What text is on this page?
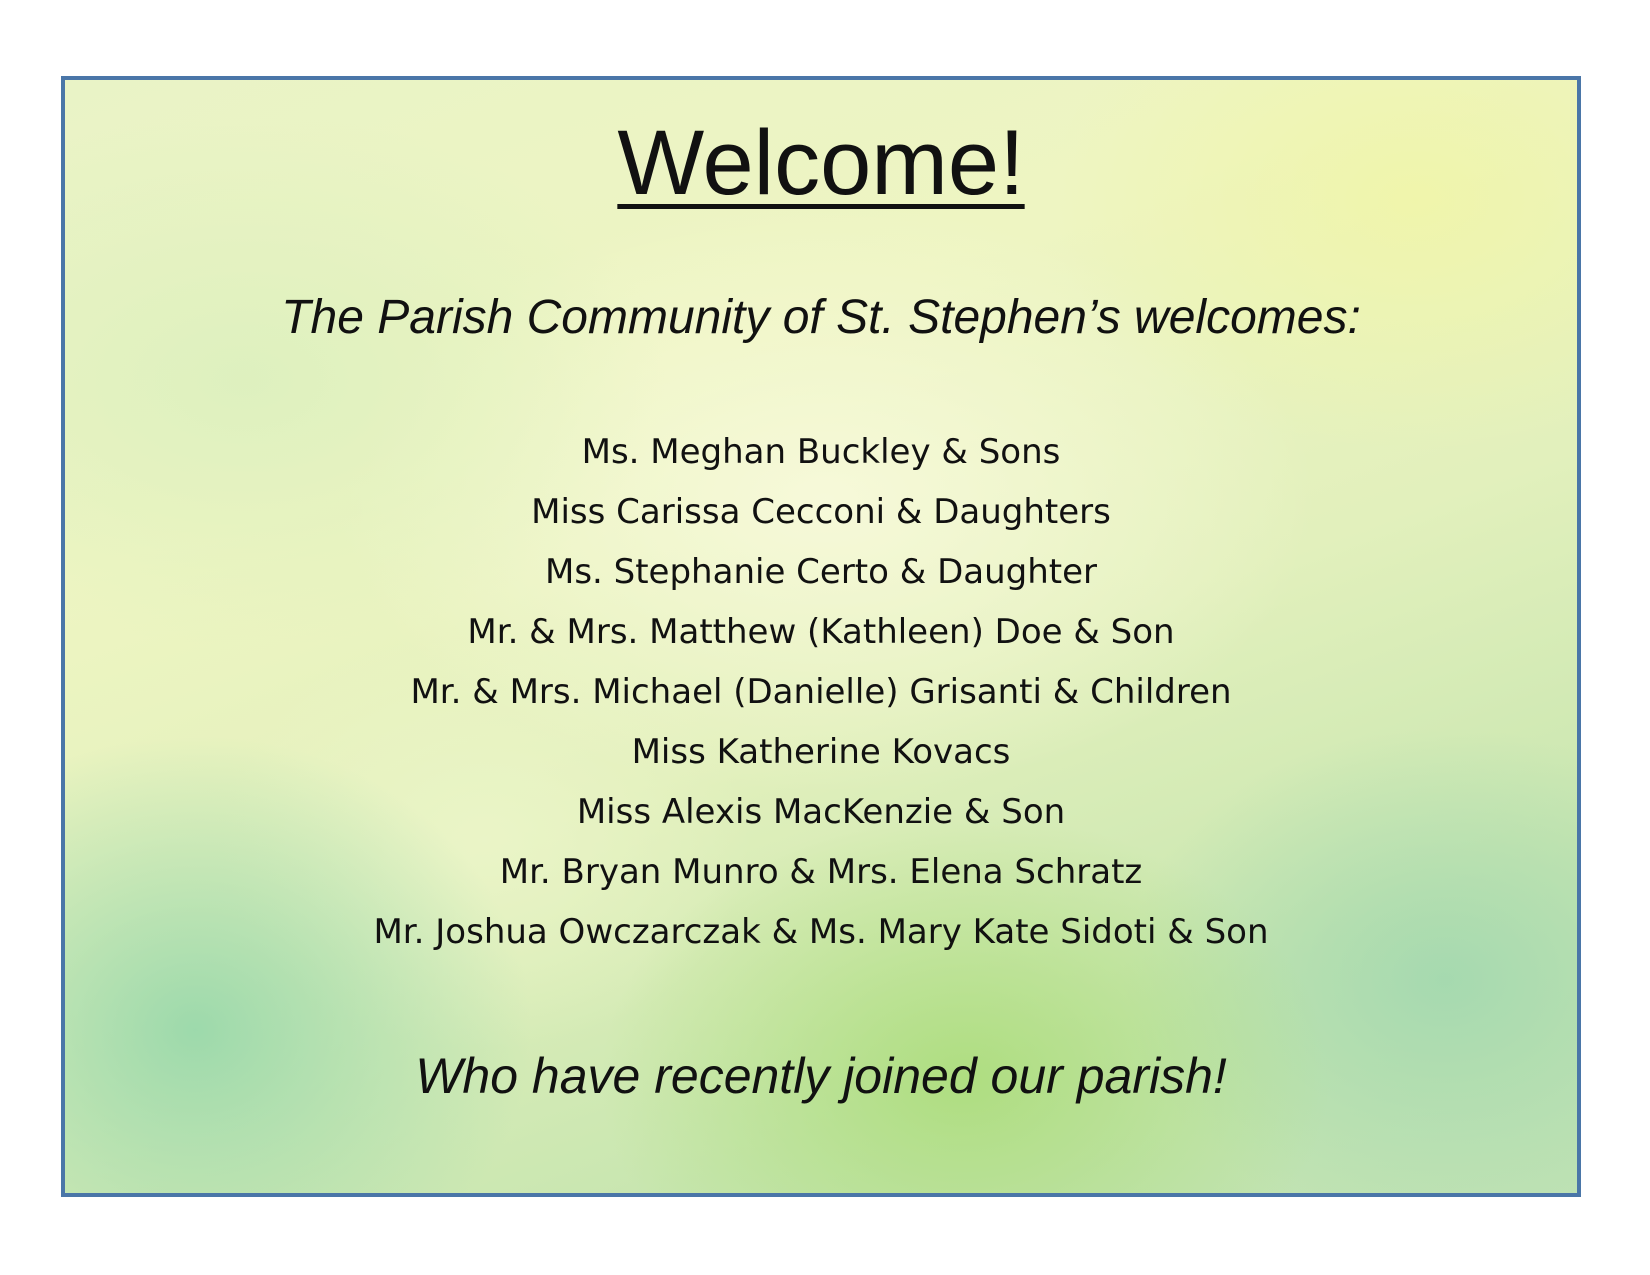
Welcome!

The Parish Community of St. Stephen’s welcomes:

Ms. Meghan Buckley & Sons
Miss Carissa Cecconi & Daughters
Ms. Stephanie Certo & Daughter
Mr. & Mrs. Matthew (Kathleen) Doe & Son
Mr. & Mrs. Michael (Danielle) Grisanti & Children
Miss Katherine Kovacs
Miss Alexis MacKenzie & Son
Mr. Bryan Munro & Mrs. Elena Schratz
Mr. Joshua Owczarczak & Ms. Mary Kate Sidoti & Son

Who have recently joined our parish!
